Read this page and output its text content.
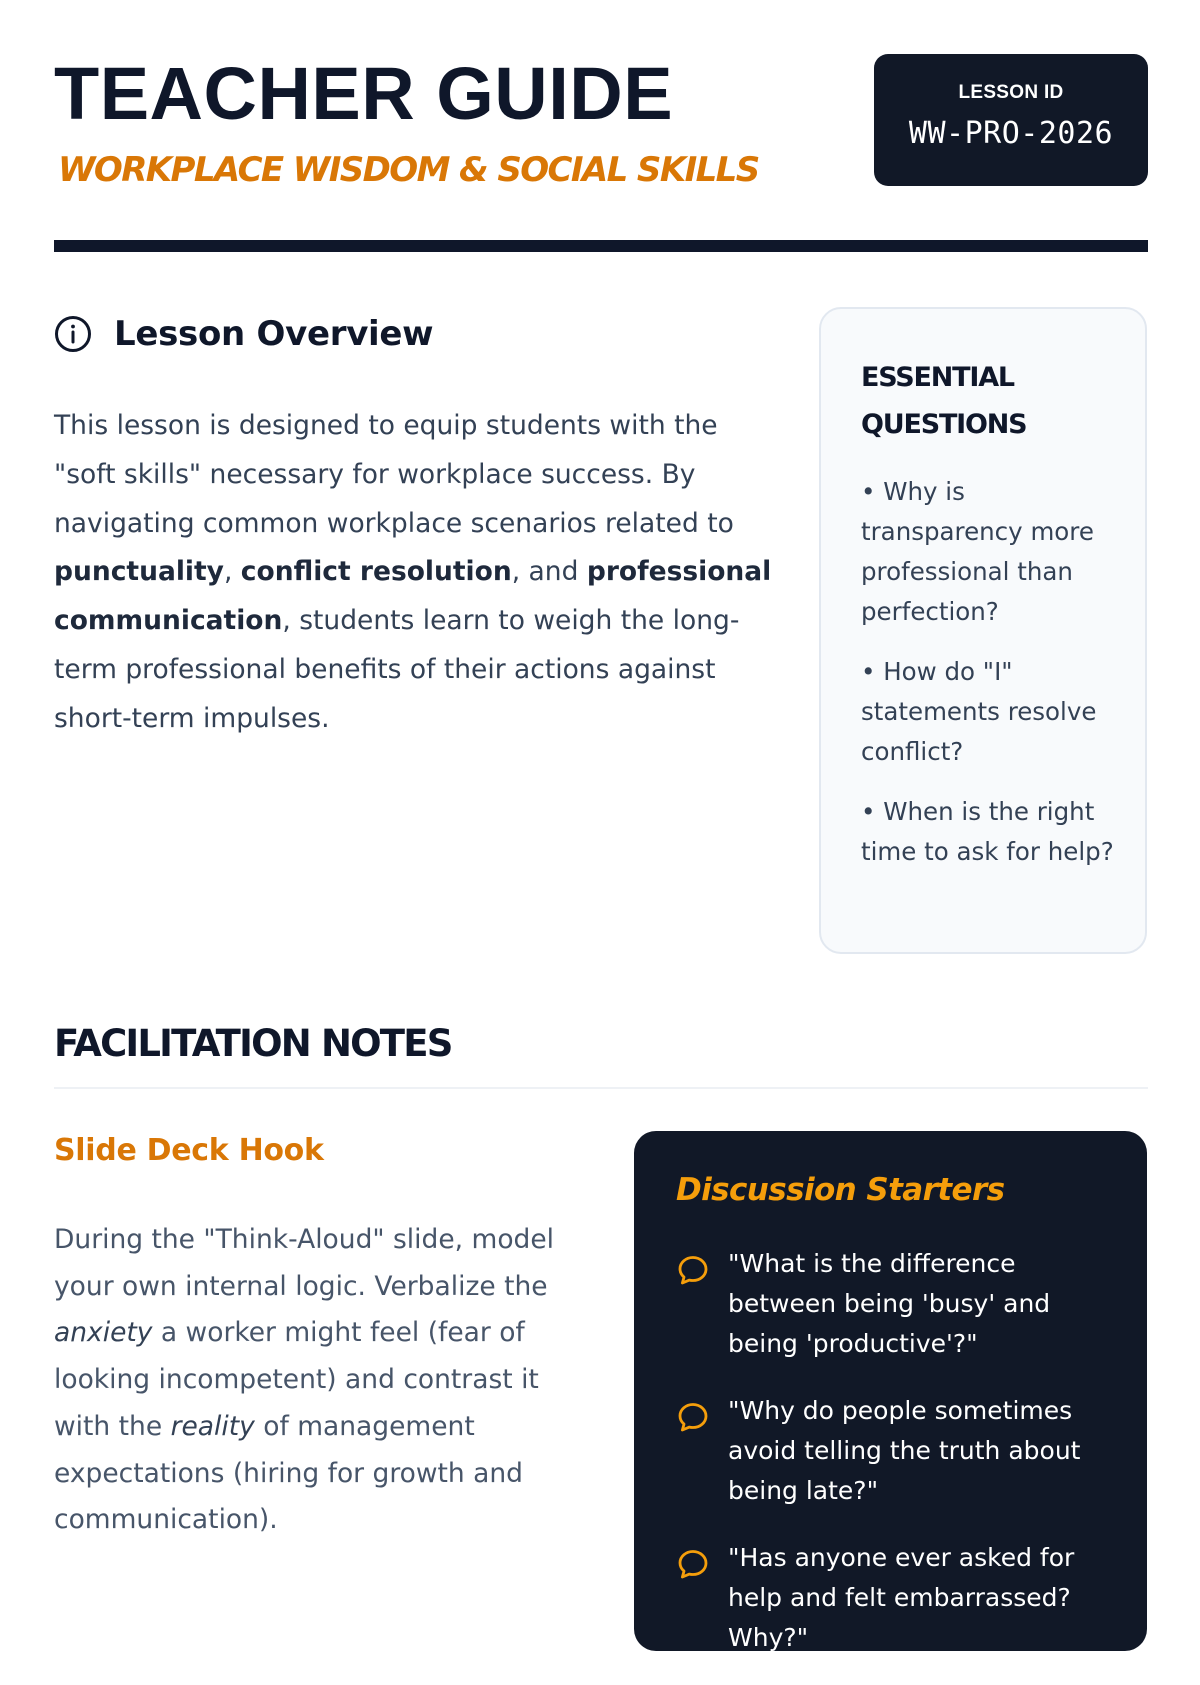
TEACHER GUIDE
WORKPLACE WISDOM & SOCIAL SKILLS
LESSON ID
WW-PRO-2026
Lesson Overview

This lesson is designed to equip students with the "soft skills" necessary for workplace success. By navigating common workplace scenarios related to punctuality, conflict resolution, and professional communication, students learn to weigh the long-term professional benefits of their actions against short-term impulses.

ESSENTIAL QUESTIONS
• Why is transparency more professional than perfection?
• How do "I" statements resolve conflict?
• When is the right time to ask for help?
FACILITATION NOTES
Slide Deck Hook

During the "Think-Aloud" slide, model your own internal logic. Verbalize the anxiety a worker might feel (fear of looking incompetent) and contrast it with the reality of management expectations (hiring for growth and communication).

Discussion Starters
"What is the difference between being 'busy' and being 'productive'?"
"Why do people sometimes avoid telling the truth about being late?"
"Has anyone ever asked for help and felt embarrassed? Why?"
